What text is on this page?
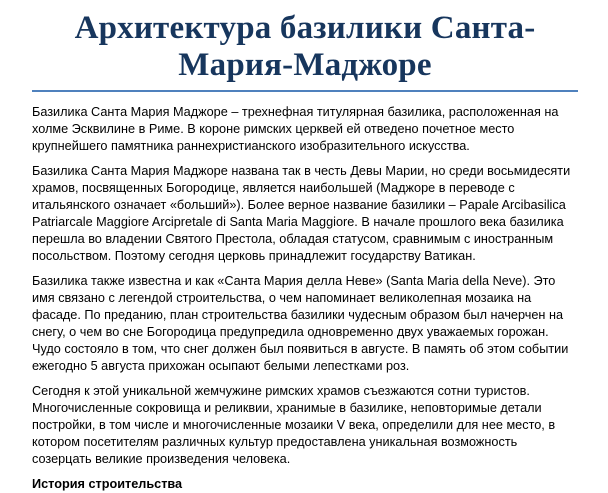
Архитектура базилики Санта-Мария-Маджоре

Базилика Санта Мария Маджоре – трехнефная титулярная базилика, расположенная на холме Эсквилине в Риме. В короне римских церквей ей отведено почетное место крупнейшего памятника раннехристианского изобразительного искусства.

Базилика Санта Мария Маджоре названа так в честь Девы Марии, но среди восьмидесяти храмов, посвященных Богородице, является наибольшей (Маджоре в переводе с итальянского означает «больший»). Более верное название базилики – Papale Arcibasilica Patriarcale Maggiore Arcipretale di Santa Maria Maggiore. В начале прошлого века базилика перешла во владении Святого Престола, обладая статусом, сравнимым с иностранным посольством. Поэтому сегодня церковь принадлежит государству Ватикан.

Базилика также известна и как «Санта Мария делла Неве» (Santa Maria della Neve). Это имя связано с легендой строительства, о чем напоминает великолепная мозаика на фасаде. По преданию, план строительства базилики чудесным образом был начерчен на снегу, о чем во сне Богородица предупредила одновременно двух уважаемых горожан. Чудо состояло в том, что снег должен был появиться в августе. В память об этом событии ежегодно 5 августа прихожан осыпают белыми лепестками роз.

Сегодня к этой уникальной жемчужине римских храмов съезжаются сотни туристов. Многочисленные сокровища и реликвии, хранимые в базилике, неповторимые детали постройки, в том числе и многочисленные мозаики V века, определили для нее место, в котором посетителям различных культур предоставлена уникальная возможность созерцать великие произведения человека.

История строительства
